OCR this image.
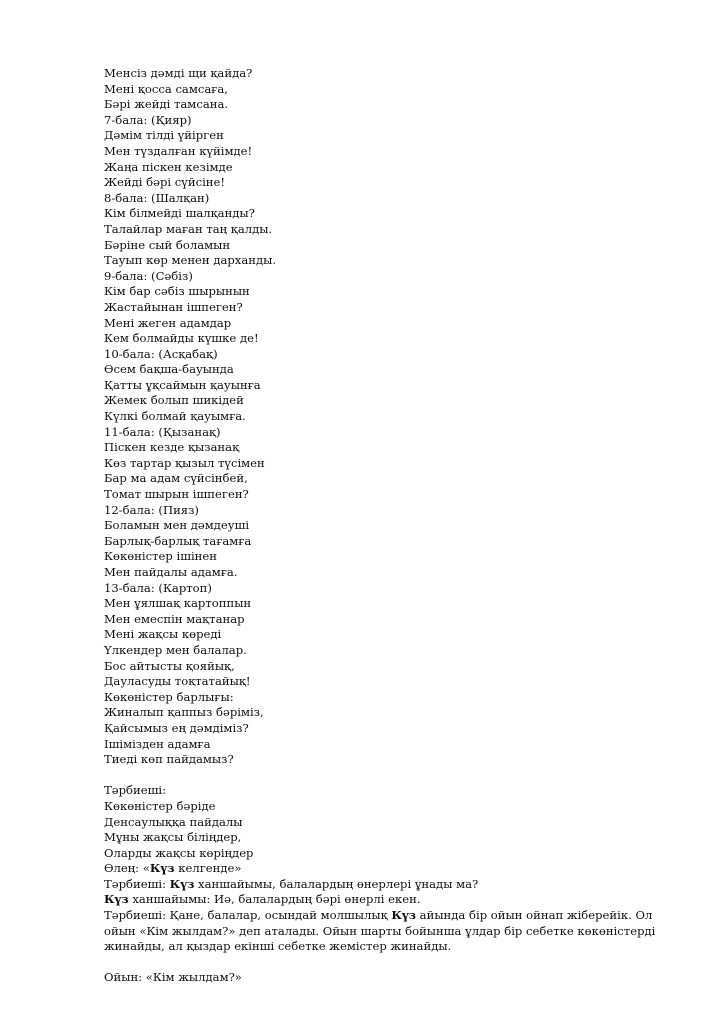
Менсіз дәмді щи қайда?
Мені қосса самсаға,
Бәрі жейді тамсана.
7-бала: (Қияр)
Дәмім тілді үйірген
Мен түздалған күйімде!
Жаңа піскен кезімде
Жейді бәрі сүйсіне!
8-бала: (Шалқан)
Кім білмейді шалқанды?
Талайлар маған таң қалды.
Бәріне сый боламын
Тауып көр менен дарханды.
9-бала: (Сәбіз)
Кім бар сәбіз шырынын
Жастайынан ішпеген?
Мені жеген адамдар
Кем болмайды күшке де!
10-бала: (Асқабақ)
Өсем бақша-бауында
Қатты ұқсаймын қауынға
Жемек болып шикідей
Күлкі болмай қауымға.
11-бала: (Қызанақ)
Піскен кезде қызанақ
Көз тартар қызыл түсімен
Бар ма адам сүйсінбей,
Томат шырын ішпеген?
12-бала: (Пияз)
Боламын мен дәмдеуші
Барлық-барлық тағамға
Көкөністер ішінен
Мен пайдалы адамға.
13-бала: (Картоп)
Мен ұялшақ картоппын
Мен емеспін мақтанар
Мені жақсы көреді
Үлкендер мен балалар.
Бос айтысты қояйық,
Дауласуды тоқтатайық!
Көкөністер барлығы:
Жиналып қаппыз бәріміз,
Қайсымыз ең дәмдіміз?
Ішімізден адамға
Тиеді көп пайдамыз?
Тәрбиеші:
Көкөністер бәріде
Денсаулыққа пайдалы
Мұны жақсы біліңдер,
Оларды жақсы көріңдер
Өлең: «Күз келгенде»
Тәрбиеші: Күз ханшайымы, балалардың өнерлері ұнады ма?
Күз ханшайымы: Иә, балалардың бәрі өнерлі екен.
Тәрбиеші: Қане, балалар, осындай молшылық Күз айында бір ойын ойнап жіберейік. Ол ойын «Кім жылдам?» деп аталады. Ойын шарты бойынша ұлдар бір себетке көкөністерді жинайды, ал қыздар екінші себетке жемістер жинайды.
Ойын: «Кім жылдам?»
